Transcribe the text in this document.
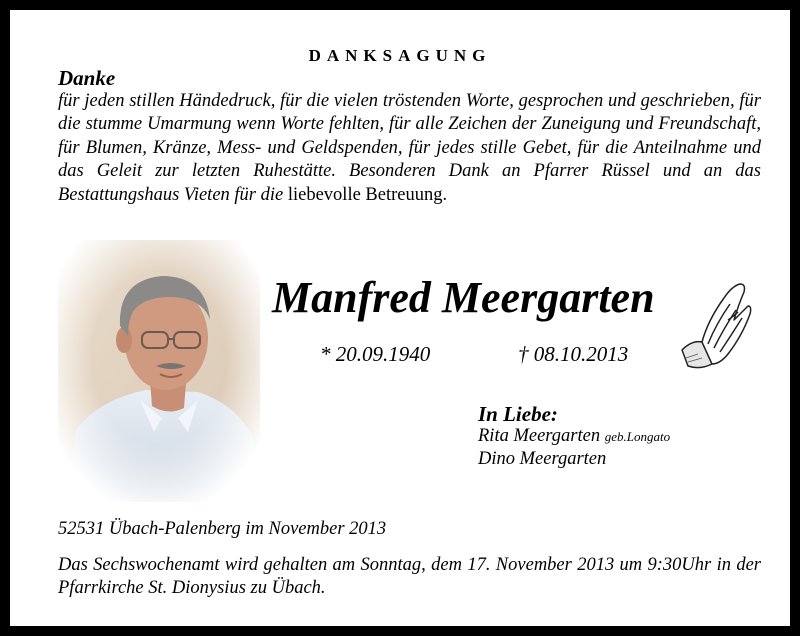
DANKSAGUNG
Danke

für jeden stillen Händedruck, für die vielen tröstenden Worte, gesprochen und geschrieben, für die stumme Umarmung wenn Worte fehlten, für alle Zeichen der Zuneigung und Freundschaft, für Blumen, Kränze, Mess- und Geldspenden, für jedes stille Gebet, für die Anteilnahme und das Geleit zur letzten Ruhestätte. Besonderen Dank an Pfarrer Rüssel und an das Bestattungshaus Vieten für die liebevolle Betreuung.

Manfred Meergarten
* 20.09.1940	† 08.10.2013
In Liebe:
Rita Meergarten geb.Longato
Dino Meergarten
52531 Übach-Palenberg im November 2013

Das Sechswochenamt wird gehalten am Sonntag, dem 17. November 2013 um 9:30Uhr in der Pfarrkirche St. Dionysius zu Übach.
